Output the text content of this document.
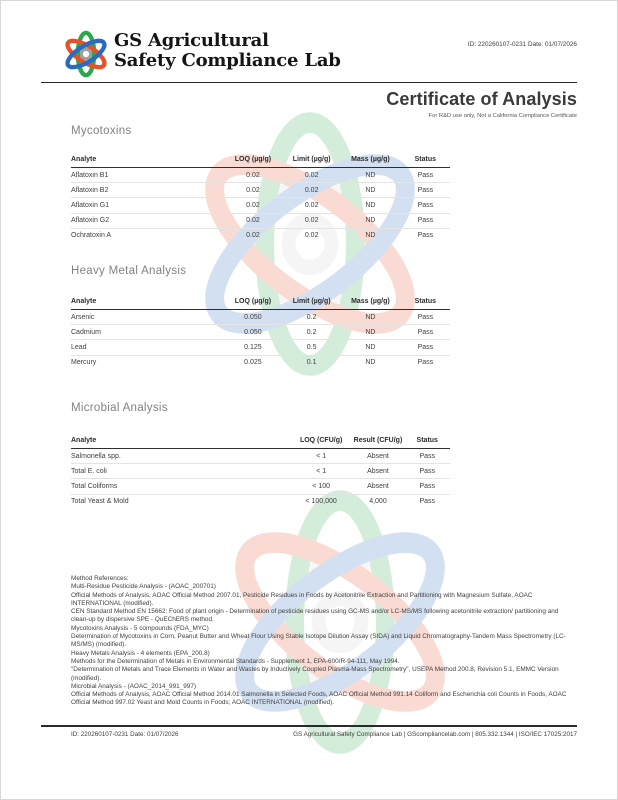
GS Agricultural
Safety Compliance Lab
ID: 220260107-0231 Date: 01/07/2026
Certificate of Analysis
For R&D use only, Not a California Compliance Certificate
Mycotoxins
Analyte	LOQ (µg/g)	Limit (µg/g)	Mass (µg/g)	Status
Aflatoxin B1	0.02	0.02	ND	Pass
Aflatoxin B2	0.02	0.02	ND	Pass
Aflatoxin G1	0.02	0.02	ND	Pass
Aflatoxin G2	0.02	0.02	ND	Pass
Ochratoxin A	0.02	0.02	ND	Pass
Heavy Metal Analysis
Analyte	LOQ (µg/g)	Limit (µg/g)	Mass (µg/g)	Status
Arsenic	0.050	0.2	ND	Pass
Cadmium	0.050	0.2	ND	Pass
Lead	0.125	0.5	ND	Pass
Mercury	0.025	0.1	ND	Pass
Microbial Analysis
Analyte	LOQ (CFU/g)	Result (CFU/g)	Status
Salmonella spp.	< 1	Absent	Pass
Total E. coli	< 1	Absent	Pass
Total Coliforms	< 100	Absent	Pass
Total Yeast & Mold	< 100,000	4,000	Pass
Method References:
Multi-Residue Pesticide Analysis - (AOAC_200701)
Official Methods of Analysis, AOAC Official Method 2007.01, Pesticide Residues in Foods by Acetonitrile Extraction and Partitioning with Magnesium Sulfate, AOAC INTERNATIONAL (modified).
CEN Standard Method EN 15662: Food of plant origin - Determination of pesticide residues using GC-MS and/or LC-MS/MS following acetonitrile extraction/ partitioning and clean-up by dispersive SPE - QuEChERS method.
Mycotoxins Analysis - 5 compounds (FDA_MYC)
Determination of Mycotoxins in Corn, Peanut Butter and Wheat Flour Using Stable Isotope Dilution Assay (SIDA) and Liquid Chromatography-Tandem Mass Spectrometry (LC-MS/MS) (modified).
Heavy Metals Analysis - 4 elements (EPA_200.8)
Methods for the Determination of Metals in Environmental Standards - Supplement 1, EPA-600/R-94-111, May 1994.
"Determination of Metals and Trace Elements in Water and Wastes by Inductively Coupled Plasma-Mass Spectrometry", USEPA Method 200.8, Revision 5.1, EMMC Version (modified).
Microbial Analysis - (AOAC_2014_991_997)
Official Methods of Analysis, AOAC Official Method 2014.01 Salmonella in Selected Foods, AOAC Official Method 991.14 Coliform and Escherichia coli Counts in Foods, AOAC Official Method 997.02 Yeast and Mold Counts in Foods; AOAC INTERNATIONAL (modified).
ID: 220260107-0231 Date: 01/07/2026	GS Agricultural Safety Compliance Lab | GScompliancelab.com | 805.332.1344 | ISO/IEC 17025:2017
